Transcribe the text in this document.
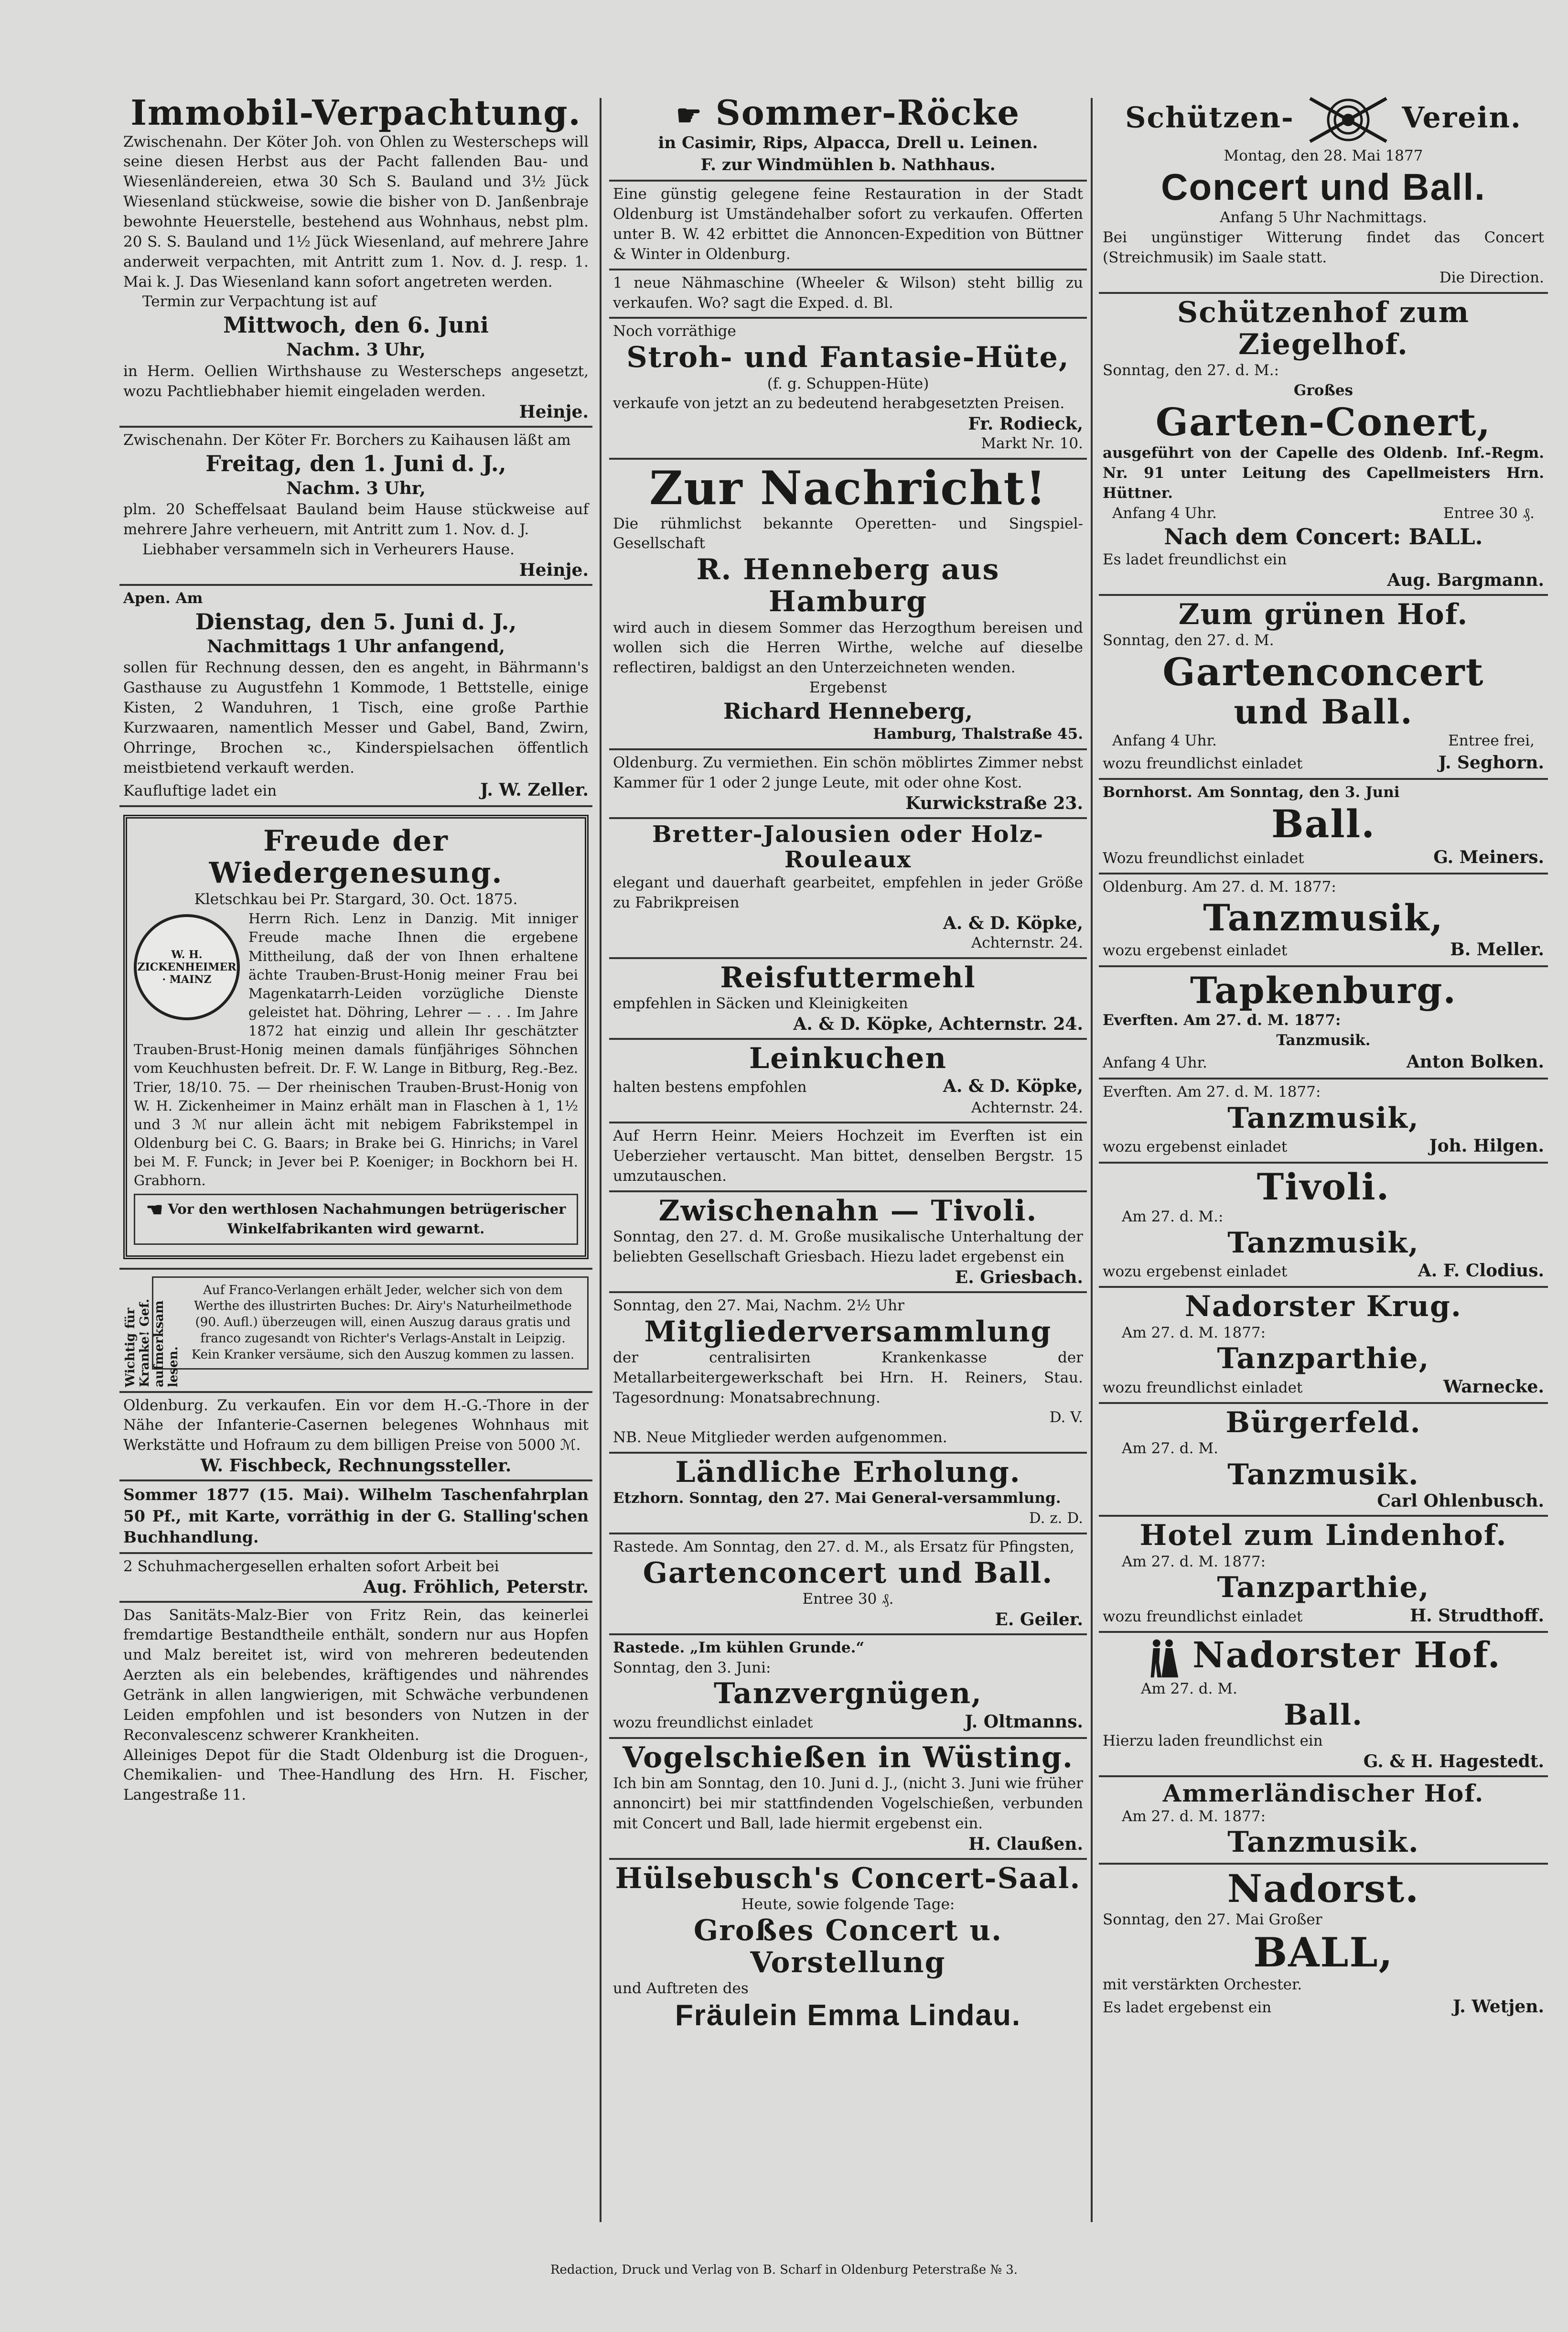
Immobil-Verpachtung.
Zwischenahn. Der Köter Joh. von Ohlen zu Westerscheps will seine diesen Herbst aus der Pacht fallenden Bau- und Wiesenländereien, etwa 30 Sch S. Bauland und 3½ Jück Wiesenland stückweise, sowie die bisher von D. Janßenbraje bewohnte Heuerstelle, bestehend aus Wohnhaus, nebst plm. 20 S. S. Bauland und 1½ Jück Wiesenland, auf mehrere Jahre anderweit verpachten, mit Antritt zum 1. Nov. d. J. resp. 1. Mai k. J. Das Wiesenland kann sofort angetreten werden.
Termin zur Verpachtung ist auf
Mittwoch, den 6. Juni
Nachm. 3 Uhr,
in Herm. Oellien Wirthshause zu Westerscheps angesetzt, wozu Pachtliebhaber hiemit eingeladen werden.
Heinje.
Zwischenahn. Der Köter Fr. Borchers zu Kaihausen läßt am
Freitag, den 1. Juni d. J.,
Nachm. 3 Uhr,
plm. 20 Scheffelsaat Bauland beim Hause stückweise auf mehrere Jahre verheuern, mit Antritt zum 1. Nov. d. J.
Liebhaber versammeln sich in Verheurers Hause.
Heinje.
Apen. Am
Dienstag, den 5. Juni d. J.,
Nachmittags 1 Uhr anfangend,
sollen für Rechnung dessen, den es angeht, in Bährmann's Gasthause zu Augustfehn 1 Kommode, 1 Bettstelle, einige Kisten, 2 Wanduhren, 1 Tisch, eine große Parthie Kurzwaaren, namentlich Messer und Gabel, Band, Zwirn, Ohrringe, Brochen ꝛc., Kinderspielsachen öffentlich meistbietend verkauft werden.
Kaufluftige ladet ein	J. W. Zeller.
Freude der Wiedergenesung.
Kletschkau bei Pr. Stargard, 30. Oct. 1875.
W. H. ZICKENHEIMER · MAINZ
Herrn Rich. Lenz in Danzig. Mit inniger Freude mache Ihnen die ergebene Mittheilung, daß der von Ihnen erhaltene ächte Trauben-Brust-Honig meiner Frau bei Magenkatarrh-Leiden vorzügliche Dienste geleistet hat. Döhring, Lehrer — . . . Im Jahre 1872 hat einzig und allein Ihr geschätzter Trauben-Brust-Honig meinen damals fünfjähriges Söhnchen vom Keuchhusten befreit. Dr. F. W. Lange in Bitburg, Reg.-Bez. Trier, 18/10. 75. — Der rheinischen Trauben-Brust-Honig von W. H. Zickenheimer in Mainz erhält man in Flaschen à 1, 1½ und 3 ℳ nur allein ächt mit nebigem Fabrikstempel in Oldenburg bei C. G. Baars; in Brake bei G. Hinrichs; in Varel bei M. F. Funck; in Jever bei P. Koeniger; in Bockhorn bei H. Grabhorn.
☚ Vor den werthlosen Nachahmungen betrügerischer Winkelfabrikanten wird gewarnt.
Wichtig für Kranke! Gef. aufmerksam lesen.
Auf Franco-Verlangen erhält Jeder, welcher sich von dem Werthe des illustrirten Buches: Dr. Airy's Naturheilmethode (90. Aufl.) überzeugen will, einen Auszug daraus gratis und franco zugesandt von Richter's Verlags-Anstalt in Leipzig. Kein Kranker versäume, sich den Auszug kommen zu lassen.
Oldenburg. Zu verkaufen. Ein vor dem H.-G.-Thore in der Nähe der Infanterie-Casernen belegenes Wohnhaus mit Werkstätte und Hofraum zu dem billigen Preise von 5000 ℳ.
W. Fischbeck, Rechnungssteller.
Sommer 1877 (15. Mai). Wilhelm Taschenfahrplan 50 Pf., mit Karte, vorräthig in der G. Stalling'schen Buchhandlung.
2 Schuhmachergesellen erhalten sofort Arbeit bei
Aug. Fröhlich, Peterstr.
Das Sanitäts-Malz-Bier von Fritz Rein, das keinerlei fremdartige Bestandtheile enthält, sondern nur aus Hopfen und Malz bereitet ist, wird von mehreren bedeutenden Aerzten als ein belebendes, kräftigendes und nährendes Getränk in allen langwierigen, mit Schwäche verbundenen Leiden empfohlen und ist besonders von Nutzen in der Reconvalescenz schwerer Krankheiten.
Alleiniges Depot für die Stadt Oldenburg ist die Droguen-, Chemikalien- und Thee-Handlung des Hrn. H. Fischer, Langestraße 11.
☛ Sommer-Röcke
in Casimir, Rips, Alpacca, Drell u. Leinen.
F. zur Windmühlen b. Nathhaus.
Eine günstig gelegene feine Restauration in der Stadt Oldenburg ist Umständehalber sofort zu verkaufen. Offerten unter B. W. 42 erbittet die Annoncen-Expedition von Büttner & Winter in Oldenburg.
1 neue Nähmaschine (Wheeler & Wilson) steht billig zu verkaufen. Wo? sagt die Exped. d. Bl.
Noch vorräthige
Stroh- und Fantasie-Hüte,
(f. g. Schuppen-Hüte)
verkaufe von jetzt an zu bedeutend herabgesetzten Preisen.
Fr. Rodieck,
Markt Nr. 10.
Zur Nachricht!
Die rühmlichst bekannte Operetten- und Singspiel-Gesellschaft
R. Henneberg aus Hamburg
wird auch in diesem Sommer das Herzogthum bereisen und wollen sich die Herren Wirthe, welche auf dieselbe reflectiren, baldigst an den Unterzeichneten wenden.
Ergebenst
Richard Henneberg,
Hamburg, Thalstraße 45.
Oldenburg. Zu vermiethen. Ein schön möblirtes Zimmer nebst Kammer für 1 oder 2 junge Leute, mit oder ohne Kost.
Kurwickstraße 23.
Bretter-Jalousien oder Holz-Rouleaux
elegant und dauerhaft gearbeitet, empfehlen in jeder Größe zu Fabrikpreisen
A. & D. Köpke,
Achternstr. 24.
Reisfuttermehl
empfehlen in Säcken und Kleinigkeiten
A. & D. Köpke, Achternstr. 24.
Leinkuchen
halten bestens empfohlen	A. & D. Köpke,
Achternstr. 24.
Auf Herrn Heinr. Meiers Hochzeit im Everften ist ein Ueberzieher vertauscht. Man bittet, denselben Bergstr. 15 umzutauschen.
Zwischenahn — Tivoli.
Sonntag, den 27. d. M. Große musikalische Unterhaltung der beliebten Gesellschaft Griesbach. Hiezu ladet ergebenst ein
E. Griesbach.
Sonntag, den 27. Mai, Nachm. 2½ Uhr
Mitgliederversammlung
der centralisirten Krankenkasse der Metallarbeitergewerkschaft bei Hrn. H. Reiners, Stau. Tagesordnung: Monatsabrechnung.
D. V.
NB. Neue Mitglieder werden aufgenommen.
Ländliche Erholung.
Etzhorn. Sonntag, den 27. Mai General-versammlung.
D. z. D.
Rastede. Am Sonntag, den 27. d. M., als Ersatz für Pfingsten,
Gartenconcert und Ball.
Entree 30 ₰.
E. Geiler.
Rastede. „Im kühlen Grunde.“
Sonntag, den 3. Juni:
Tanzvergnügen,
wozu freundlichst einladet	J. Oltmanns.
Vogelschießen in Wüsting.
Ich bin am Sonntag, den 10. Juni d. J., (nicht 3. Juni wie früher annoncirt) bei mir stattfindenden Vogelschießen, verbunden mit Concert und Ball, lade hiermit ergebenst ein.
H. Claußen.
Hülsebusch's Concert-Saal.
Heute, sowie folgende Tage:
Großes Concert u. Vorstellung
und Auftreten des
Fräulein Emma Lindau.
Schützen-	Verein.
Montag, den 28. Mai 1877
Concert und Ball.
Anfang 5 Uhr Nachmittags.
Bei ungünstiger Witterung findet das Concert (Streichmusik) im Saale statt.
Die Direction.
Schützenhof zum Ziegelhof.
Sonntag, den 27. d. M.:
Großes
Garten-Conert,
ausgeführt von der Capelle des Oldenb. Inf.-Regm. Nr. 91 unter Leitung des Capellmeisters Hrn. Hüttner.
Anfang 4 Uhr.	Entree 30 ₰.
Nach dem Concert: BALL.
Es ladet freundlichst ein
Aug. Bargmann.
Zum grünen Hof.
Sonntag, den 27. d. M.
Gartenconcert
und Ball.
Anfang 4 Uhr.	Entree frei,
wozu freundlichst einladet	J. Seghorn.
Bornhorst. Am Sonntag, den 3. Juni
Ball.
Wozu freundlichst einladet	G. Meiners.
Oldenburg. Am 27. d. M. 1877:
Tanzmusik,
wozu ergebenst einladet	B. Meller.
Tapkenburg.
Everften. Am 27. d. M. 1877:
Tanzmusik.
Anfang 4 Uhr.	Anton Bolken.
Everften. Am 27. d. M. 1877:
Tanzmusik,
wozu ergebenst einladet	Joh. Hilgen.
Tivoli.
Am 27. d. M.:
Tanzmusik,
wozu ergebenst einladet	A. F. Clodius.
Nadorster Krug.
Am 27. d. M. 1877:
Tanzparthie,
wozu freundlichst einladet	Warnecke.
Bürgerfeld.
Am 27. d. M.
Tanzmusik.
Carl Ohlenbusch.
Hotel zum Lindenhof.
Am 27. d. M. 1877:
Tanzparthie,
wozu freundlichst einladet	H. Strudthoff.
Nadorster Hof.
Am 27. d. M.
Ball.
Hierzu laden freundlichst ein
G. & H. Hagestedt.
Ammerländischer Hof.
Am 27. d. M. 1877:
Tanzmusik.
Nadorst.
Sonntag, den 27. Mai Großer
BALL,
mit verstärkten Orchester.
Es ladet ergebenst ein	J. Wetjen.
Redaction, Druck und Verlag von B. Scharf in Oldenburg Peterstraße № 3.
